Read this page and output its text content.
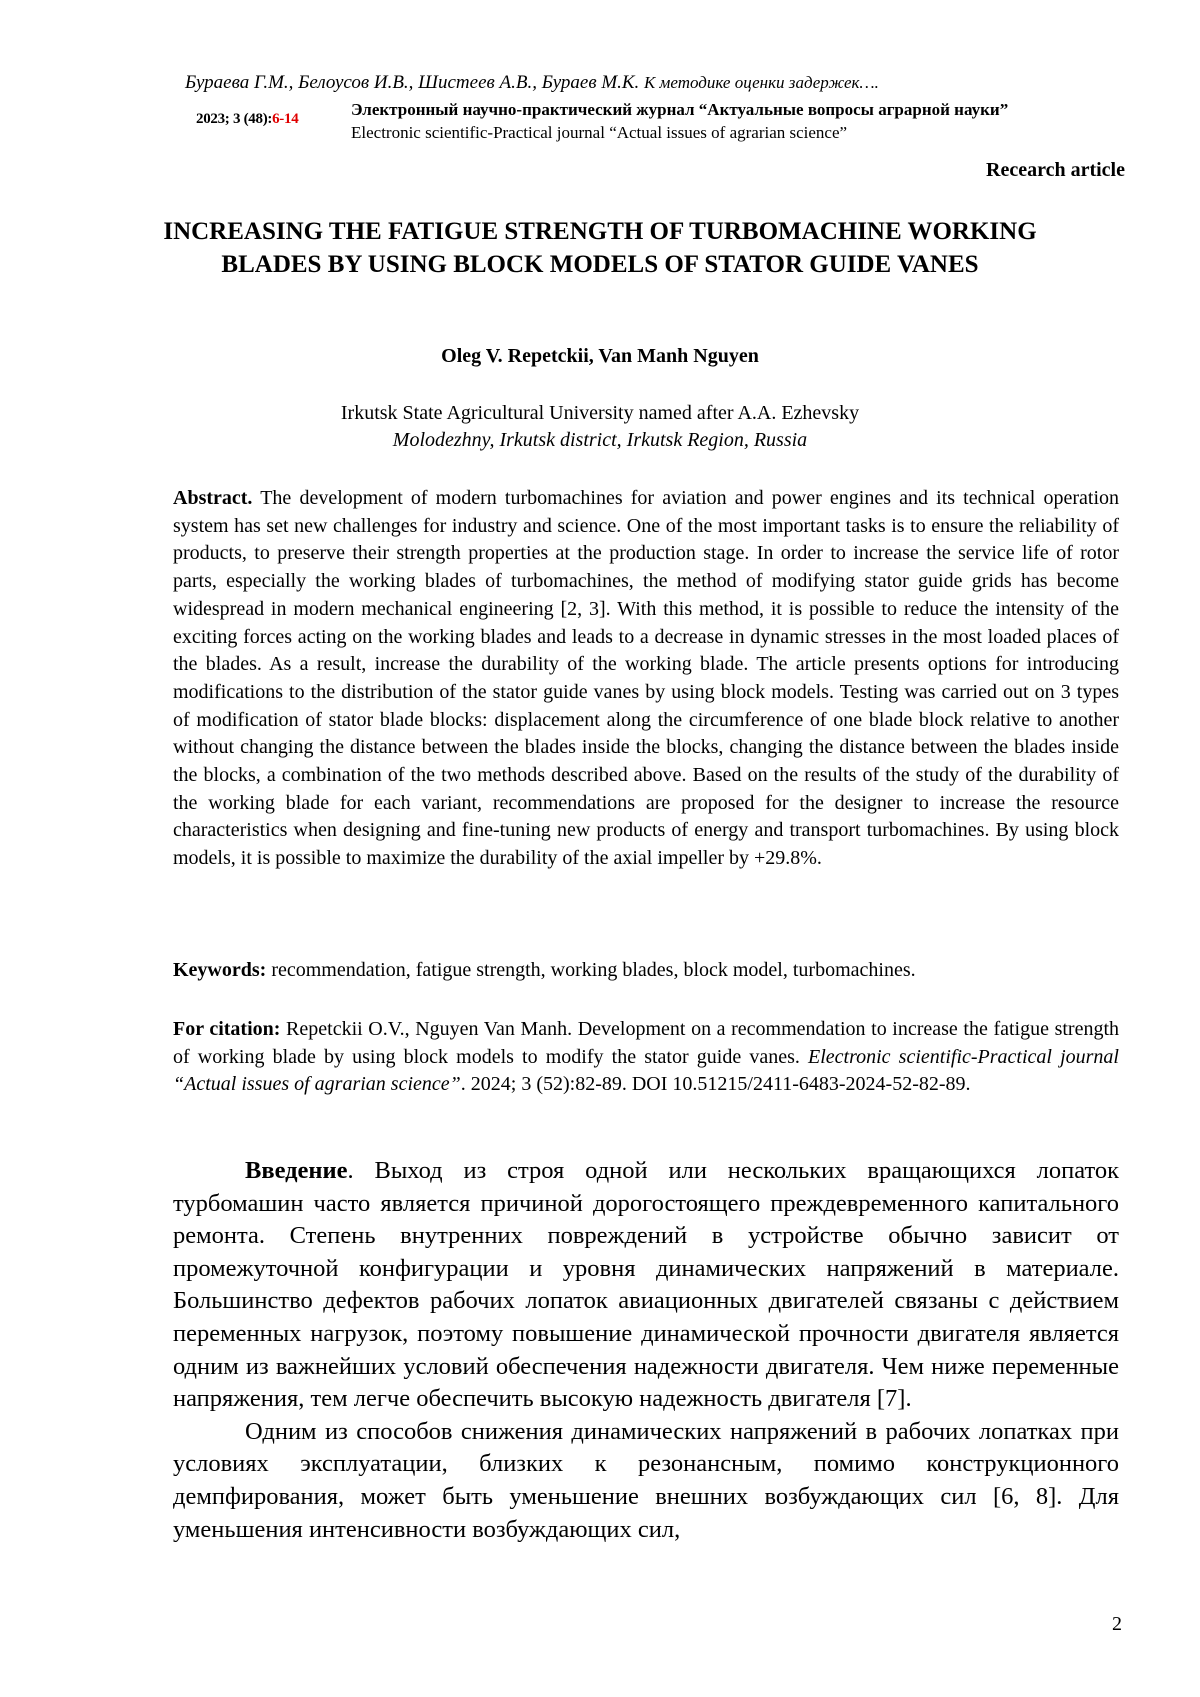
Бураева Г.М., Белоусов И.В., Шистеев А.В., Бураев М.К. К методике оценки задержек….
2023; 3 (48):6-14	Электронный научно-практический журнал “Актуальные вопросы аграрной науки”
Electronic scientific-Practical journal “Actual issues of agrarian science”
Recearch article
INCREASING THE FATIGUE STRENGTH OF TURBOMACHINE WORKING BLADES BY USING BLOCK MODELS OF STATOR GUIDE VANES
Oleg V. Repetckii, Van Manh Nguyen
Irkutsk State Agricultural University named after A.A. Ezhevsky
Molodezhny, Irkutsk district, Irkutsk Region, Russia
Abstract. The development of modern turbomachines for aviation and power engines and its technical operation system has set new challenges for industry and science. One of the most important tasks is to ensure the reliability of products, to preserve their strength properties at the production stage. In order to increase the service life of rotor parts, especially the working blades of turbomachines, the method of modifying stator guide grids has become widespread in modern mechanical engineering [2, 3]. With this method, it is possible to reduce the intensity of the exciting forces acting on the working blades and leads to a decrease in dynamic stresses in the most loaded places of the blades. As a result, increase the durability of the working blade. The article presents options for introducing modifications to the distribution of the stator guide vanes by using block models. Testing was carried out on 3 types of modification of stator blade blocks: displacement along the circumference of one blade block relative to another without changing the distance between the blades inside the blocks, changing the distance between the blades inside the blocks, a combination of the two methods described above. Based on the results of the study of the durability of the working blade for each variant, recommendations are proposed for the designer to increase the resource characteristics when designing and fine-tuning new products of energy and transport turbomachines. By using block models, it is possible to maximize the durability of the axial impeller by +29.8%.
Keywords: recommendation, fatigue strength, working blades, block model, turbomachines.
For citation: Repetckii O.V., Nguyen Van Manh. Development on a recommendation to increase the fatigue strength of working blade by using block models to modify the stator guide vanes. Electronic scientific-Practical journal “Actual issues of agrarian science”. 2024; 3 (52):82-89. DOI 10.51215/2411-6483-2024-52-82-89.

Введение. Выход из строя одной или нескольких вращающихся лопаток турбомашин часто является причиной дорогостоящего преждевременного капитального ремонта. Степень внутренних повреждений в устройстве обычно зависит от промежуточной конфигурации и уровня динамических напряжений в материале. Большинство дефектов рабочих лопаток авиационных двигателей связаны с действием переменных нагрузок, поэтому повышение динамической прочности двигателя является одним из важнейших условий обеспечения надежности двигателя. Чем ниже переменные напряжения, тем легче обеспечить высокую надежность двигателя [7].

Одним из способов снижения динамических напряжений в рабочих лопатках при условиях эксплуатации, близких к резонансным, помимо конструкционного демпфирования, может быть уменьшение внешних возбуждающих сил [6, 8]. Для уменьшения интенсивности возбуждающих сил,

2
